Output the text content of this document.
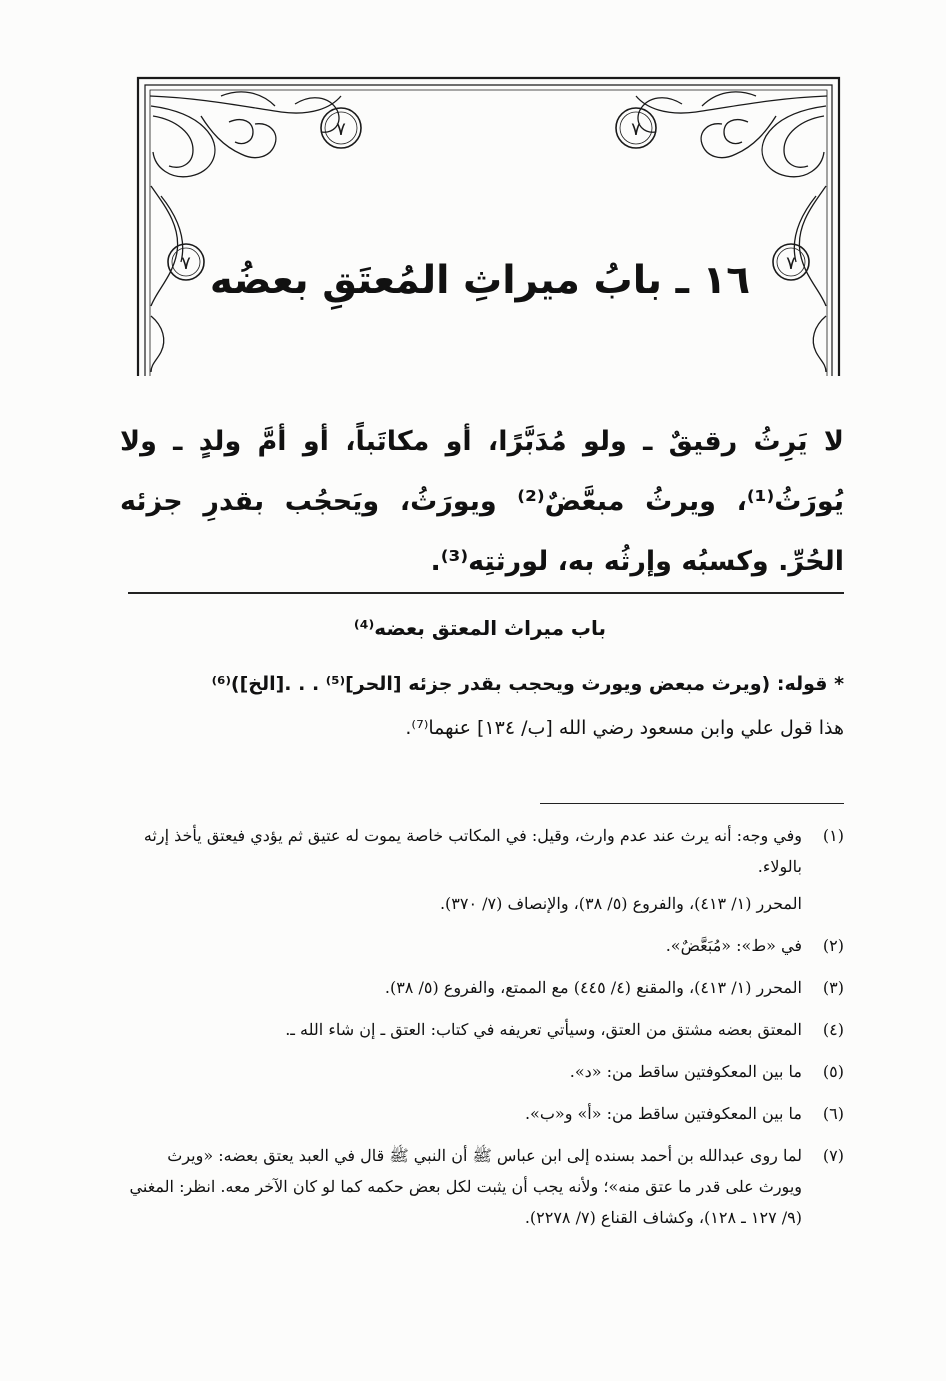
٧	٧
٧	٧
١٦ ـ بابُ ميراثِ المُعتَقِ بعضُه

لا يَرِثُ رقيقٌ ـ ولو مُدَبَّرًا، أو مكاتَباً، أو أمَّ ولدٍ ـ ولا يُورَثُ⁽¹⁾، ويرثُ مبعَّضٌ⁽²⁾ ويورَثُ، ويَحجُب بقدرِ جزئه الحُرِّ. وكسبُه وإرثُه به، لورثتِه⁽³⁾.

باب ميراث المعتق بعضه⁽⁴⁾
* قوله: (ويرث مبعض ويورث ويحجب بقدر جزئه [الحر]⁽⁵⁾ . . .[الخ])⁽⁶⁾
هذا قول علي وابن مسعود رضي الله [ب/ ١٣٤] عنهما⁽⁷⁾.
(١)
وفي وجه: أنه يرث عند عدم وارث، وقيل: في المكاتب خاصة يموت له عتيق ثم يؤدي فيعتق يأخذ إرثه بالولاء.
المحرر (١/ ٤١٣)، والفروع (٥/ ٣٨)، والإنصاف (٧/ ٣٧٠).
(٢)
في «ط»: «مُبَعَّضٌ».
(٣)
المحرر (١/ ٤١٣)، والمقنع (٤/ ٤٤٥) مع الممتع، والفروع (٥/ ٣٨).
(٤)
المعتق بعضه مشتق من العتق، وسيأتي تعريفه في كتاب: العتق ـ إن شاء الله ـ.
(٥)
ما بين المعكوفتين ساقط من: «د».
(٦)
ما بين المعكوفتين ساقط من: «أ» و«ب».
(٧)
لما روى عبدالله بن أحمد بسنده إلى ابن عباس ﷺ أن النبي ﷺ قال في العبد يعتق بعضه: «ويرث ويورث على قدر ما عتق منه»؛ ولأنه يجب أن يثبت لكل بعض حكمه كما لو كان الآخر معه. انظر: المغني (٩/ ١٢٧ ـ ١٢٨)، وكشاف القناع (٧/ ٢٢٧٨).
